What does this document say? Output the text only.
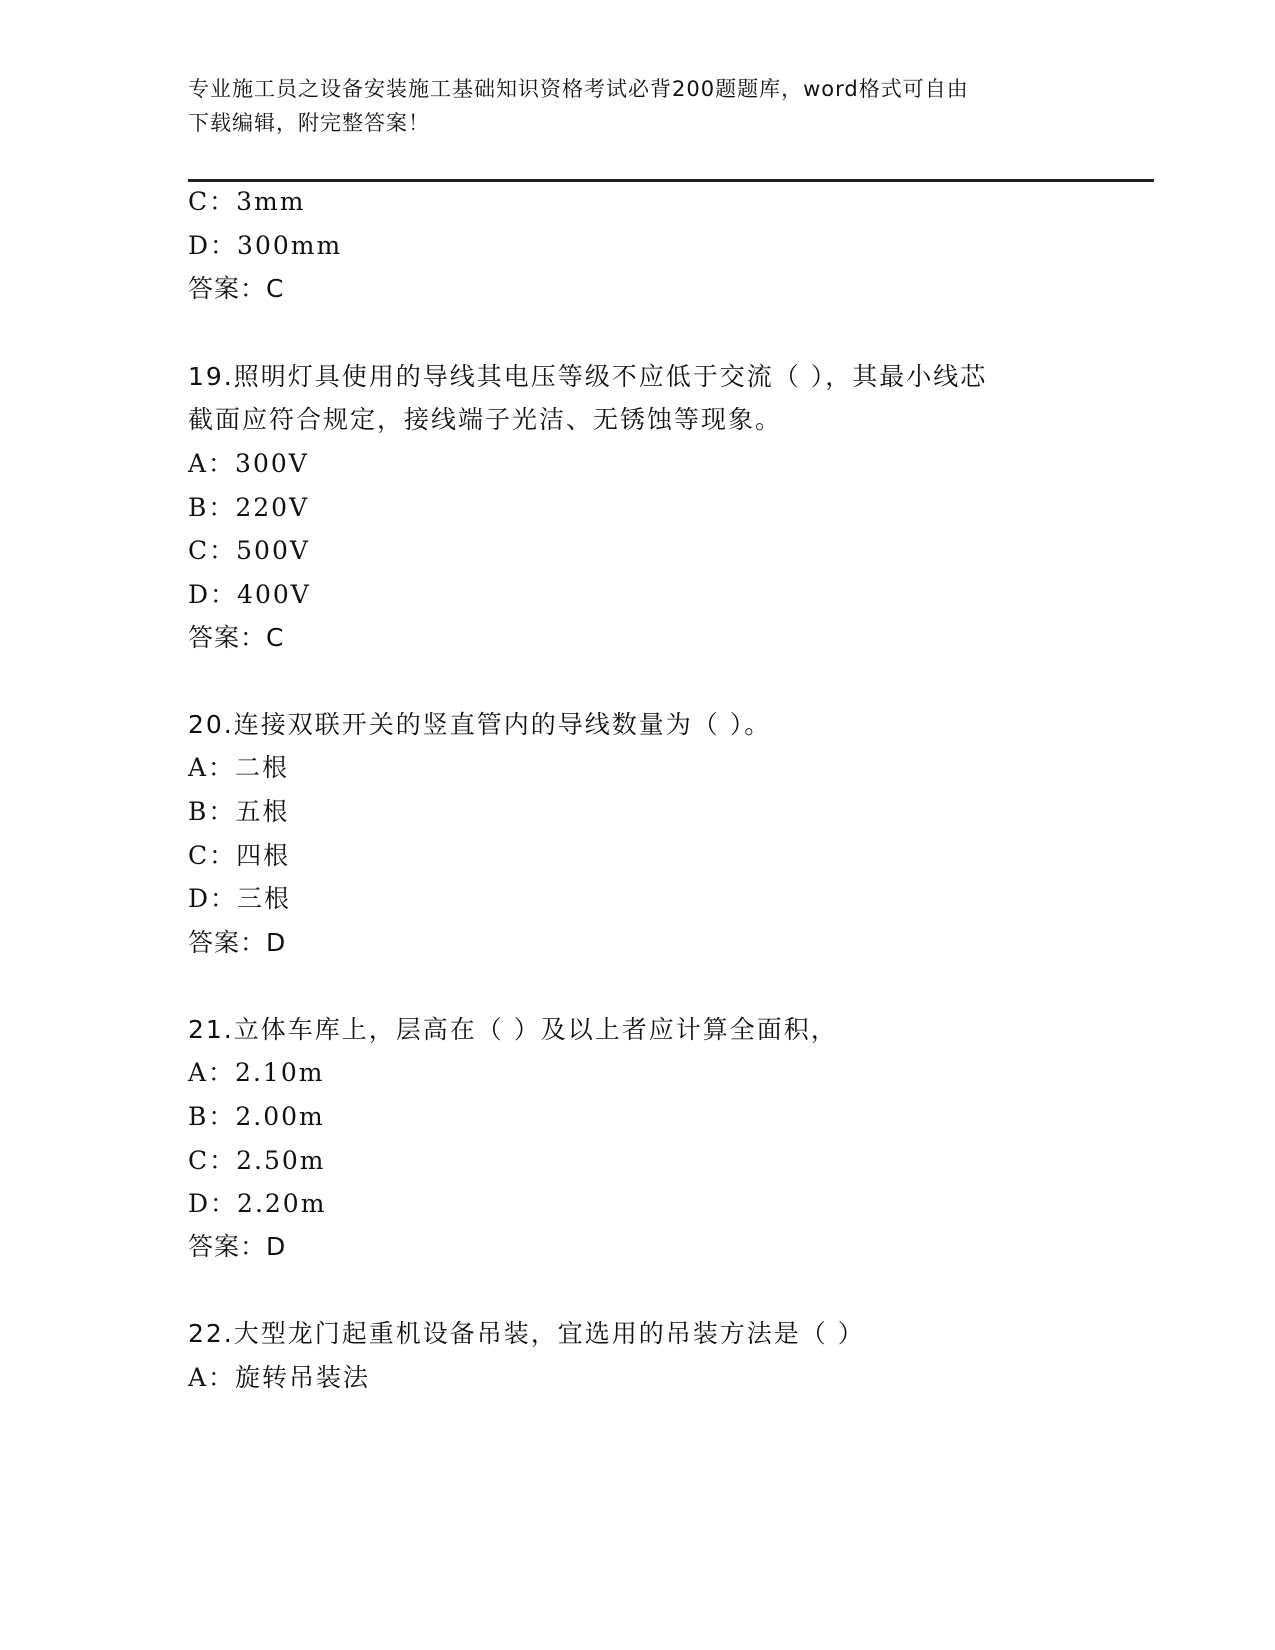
专业施工员之设备安装施工基础知识资格考试必背200题题库，word格式可自由
下载编辑，附完整答案！
C：3mm
D：300mm
答案：C
19.照明灯具使用的导线其电压等级不应低于交流（ ），其最小线芯
截面应符合规定，接线端子光洁、无锈蚀等现象。
A：300V
B：220V
C：500V
D：400V
答案：C
20.连接双联开关的竖直管内的导线数量为（ ）。
A：二根
B：五根
C：四根
D：三根
答案：D
21.立体车库上，层高在（ ）及以上者应计算全面积，
A：2.10m
B：2.00m
C：2.50m
D：2.20m
答案：D
22.大型龙门起重机设备吊装，宜选用的吊装方法是（ ）
A：旋转吊装法
